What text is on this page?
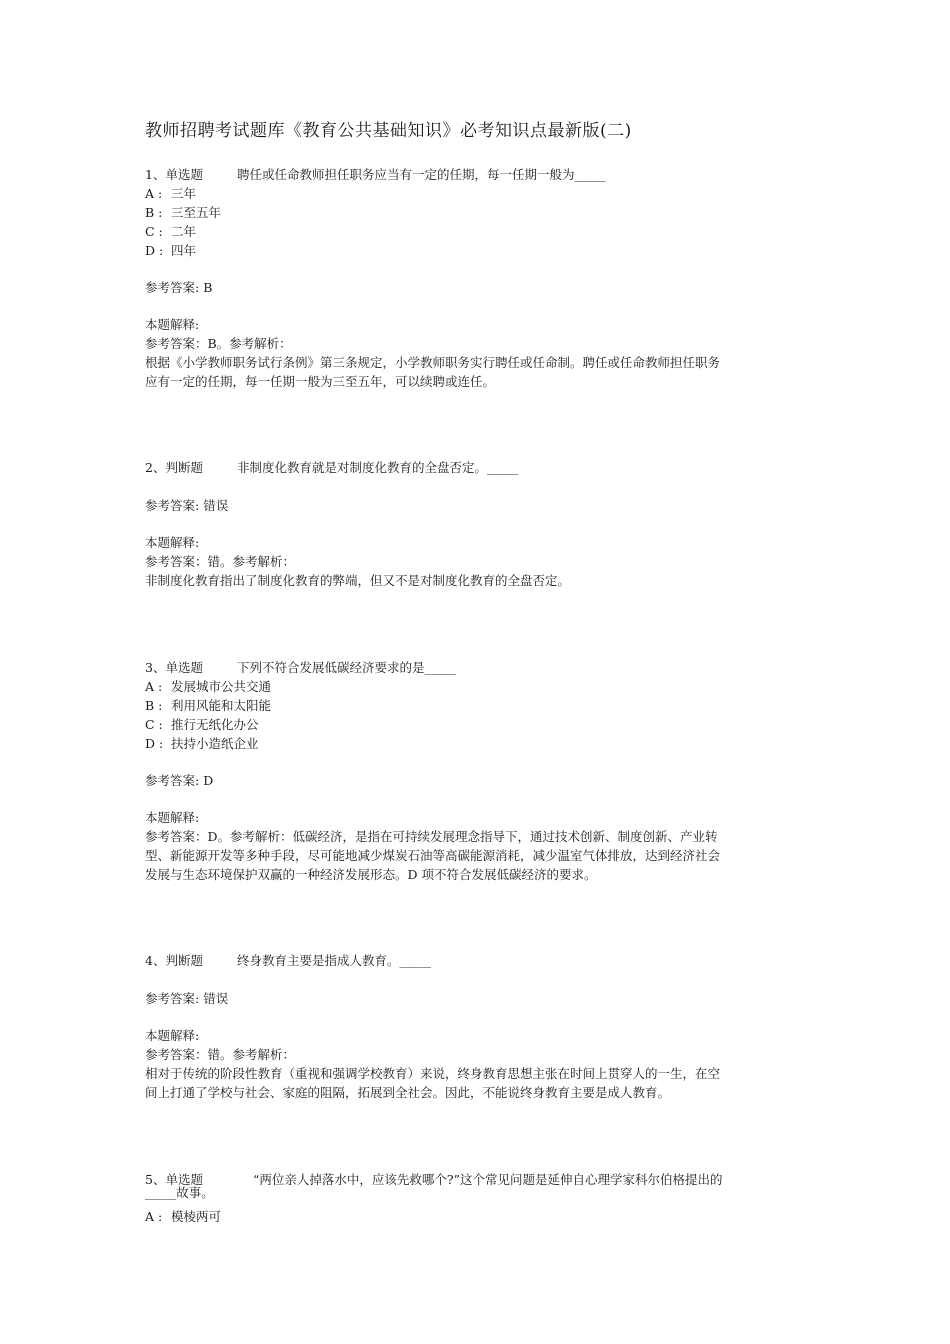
教师招聘考试题库《教育公共基础知识》必考知识点最新版(二)
1、单选题	聘任或任命教师担任职务应当有一定的任期，每一任期一般为_____
A : 三年
B : 三至五年
C : 二年
D : 四年
参考答案: B
本题解释:
参考答案：B。参考解析：
根据《小学教师职务试行条例》第三条规定，小学教师职务实行聘任或任命制。聘任或任命教师担任职务
应有一定的任期，每一任期一般为三至五年，可以续聘或连任。
2、判断题	非制度化教育就是对制度化教育的全盘否定。_____
参考答案: 错误
本题解释:
参考答案：错。参考解析：
非制度化教育指出了制度化教育的弊端，但又不是对制度化教育的全盘否定。
3、单选题	下列不符合发展低碳经济要求的是_____
A : 发展城市公共交通
B : 利用风能和太阳能
C : 推行无纸化办公
D : 扶持小造纸企业
参考答案: D
本题解释:
参考答案：D。参考解析：低碳经济，是指在可持续发展理念指导下，通过技术创新、制度创新、产业转
型、新能源开发等多种手段，尽可能地减少煤炭石油等高碳能源消耗，减少温室气体排放，达到经济社会
发展与生态环境保护双赢的一种经济发展形态。D 项不符合发展低碳经济的要求。
4、判断题	终身教育主要是指成人教育。_____
参考答案: 错误
本题解释:
参考答案：错。参考解析：
相对于传统的阶段性教育（重视和强调学校教育）来说，终身教育思想主张在时间上贯穿人的一生，在空
间上打通了学校与社会、家庭的阻隔，拓展到全社会。因此，不能说终身教育主要是成人教育。
5、单选题	“两位亲人掉落水中，应该先救哪个?”这个常见问题是延伸自心理学家科尔伯格提出的
_____故事。
A : 模棱两可
